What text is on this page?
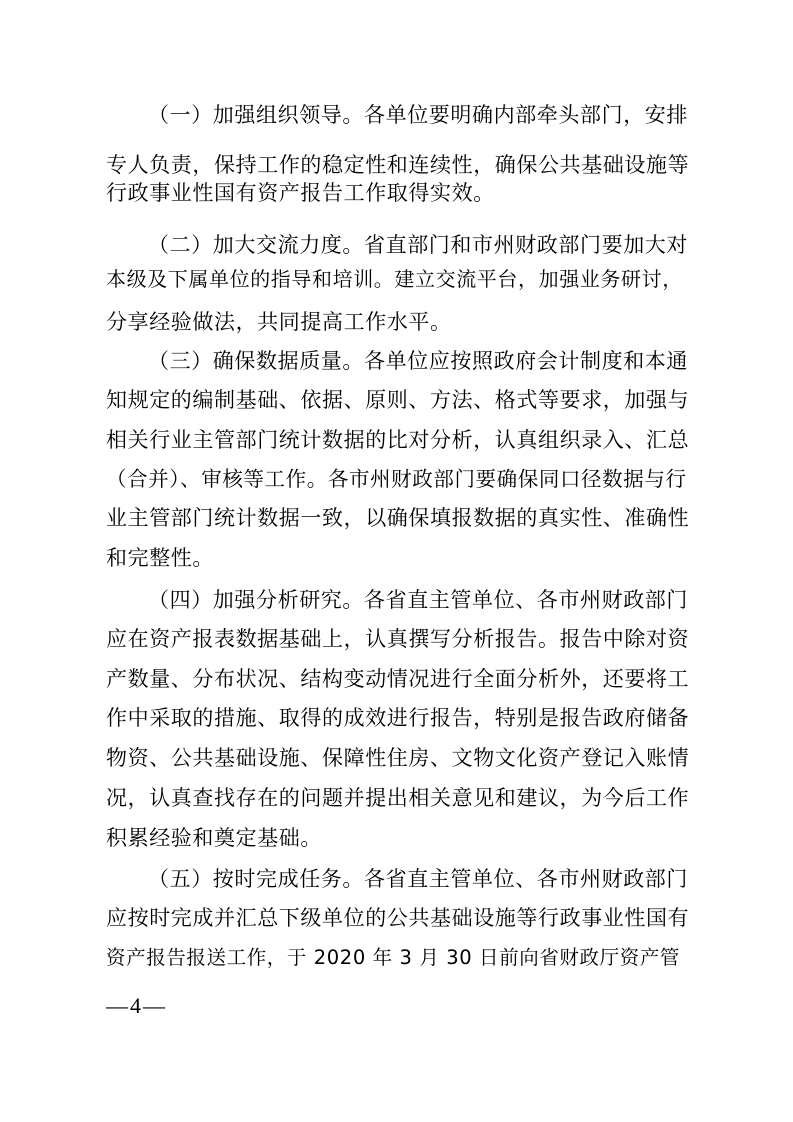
（一）加强组织领导。各单位要明确内部牵头部门，安排
专人负责，保持工作的稳定性和连续性，确保公共基础设施等
行政事业性国有资产报告工作取得实效。
（二）加大交流力度。省直部门和市州财政部门要加大对
本级及下属单位的指导和培训。建立交流平台，加强业务研讨，
分享经验做法，共同提高工作水平。
（三）确保数据质量。各单位应按照政府会计制度和本通
知规定的编制基础、依据、原则、方法、格式等要求，加强与
相关行业主管部门统计数据的比对分析，认真组织录入、汇总
（合并）、审核等工作。各市州财政部门要确保同口径数据与行
业主管部门统计数据一致，以确保填报数据的真实性、准确性
和完整性。
（四）加强分析研究。各省直主管单位、各市州财政部门
应在资产报表数据基础上，认真撰写分析报告。报告中除对资
产数量、分布状况、结构变动情况进行全面分析外，还要将工
作中采取的措施、取得的成效进行报告，特别是报告政府储备
物资、公共基础设施、保障性住房、文物文化资产登记入账情
况，认真查找存在的问题并提出相关意见和建议，为今后工作
积累经验和奠定基础。
（五）按时完成任务。各省直主管单位、各市州财政部门
应按时完成并汇总下级单位的公共基础设施等行政事业性国有
资产报告报送工作，于 2020 年 3 月 30 日前向省财政厅资产管
—4—
